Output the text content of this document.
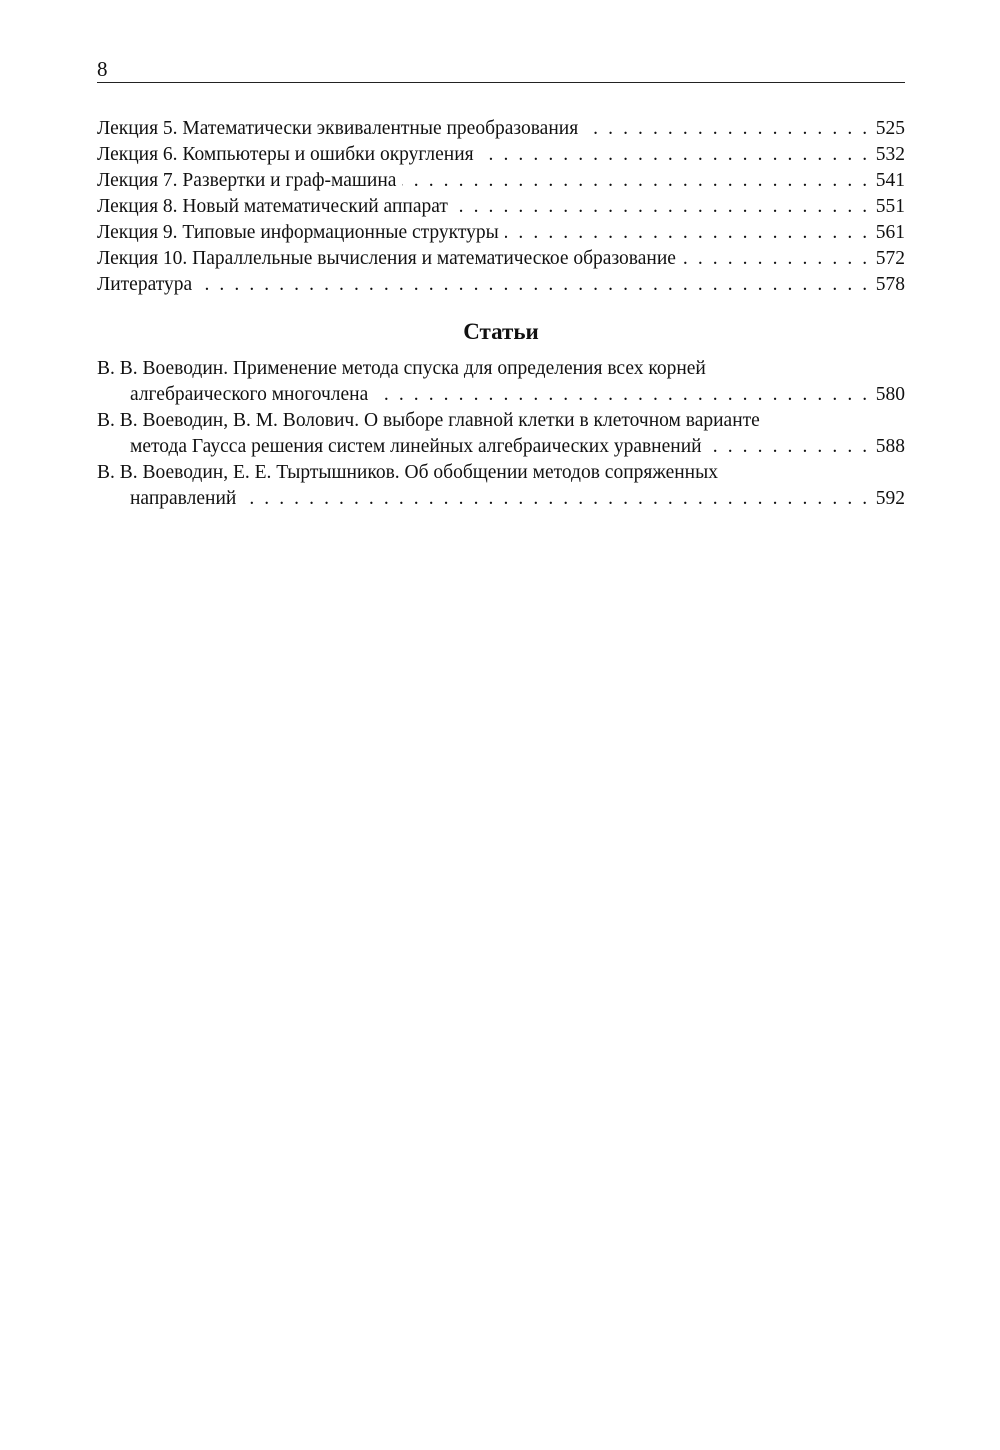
8
Лекция 5. Математически эквивалентные преобразования . . .	525
Лекция 6. Компьютеры и ошибки округления . . .	532
Лекция 7. Развертки и граф-машина . . .	541
Лекция 8. Новый математический аппарат . . .	551
Лекция 9. Типовые информационные структуры . . .	561
Лекция 10. Параллельные вычисления и математическое образование . . .	572
Литература . . .	578
Статьи
В. В. Воеводин. Применение метода спуска для определения всех корней
алгебраического многочлена . . .	580
В. В. Воеводин, В. М. Волович. О выборе главной клетки в клеточном варианте
метода Гаусса решения систем линейных алгебраических уравнений . . .	588
В. В. Воеводин, Е. Е. Тыртышников. Об обобщении методов сопряженных
направлений . . .	592
